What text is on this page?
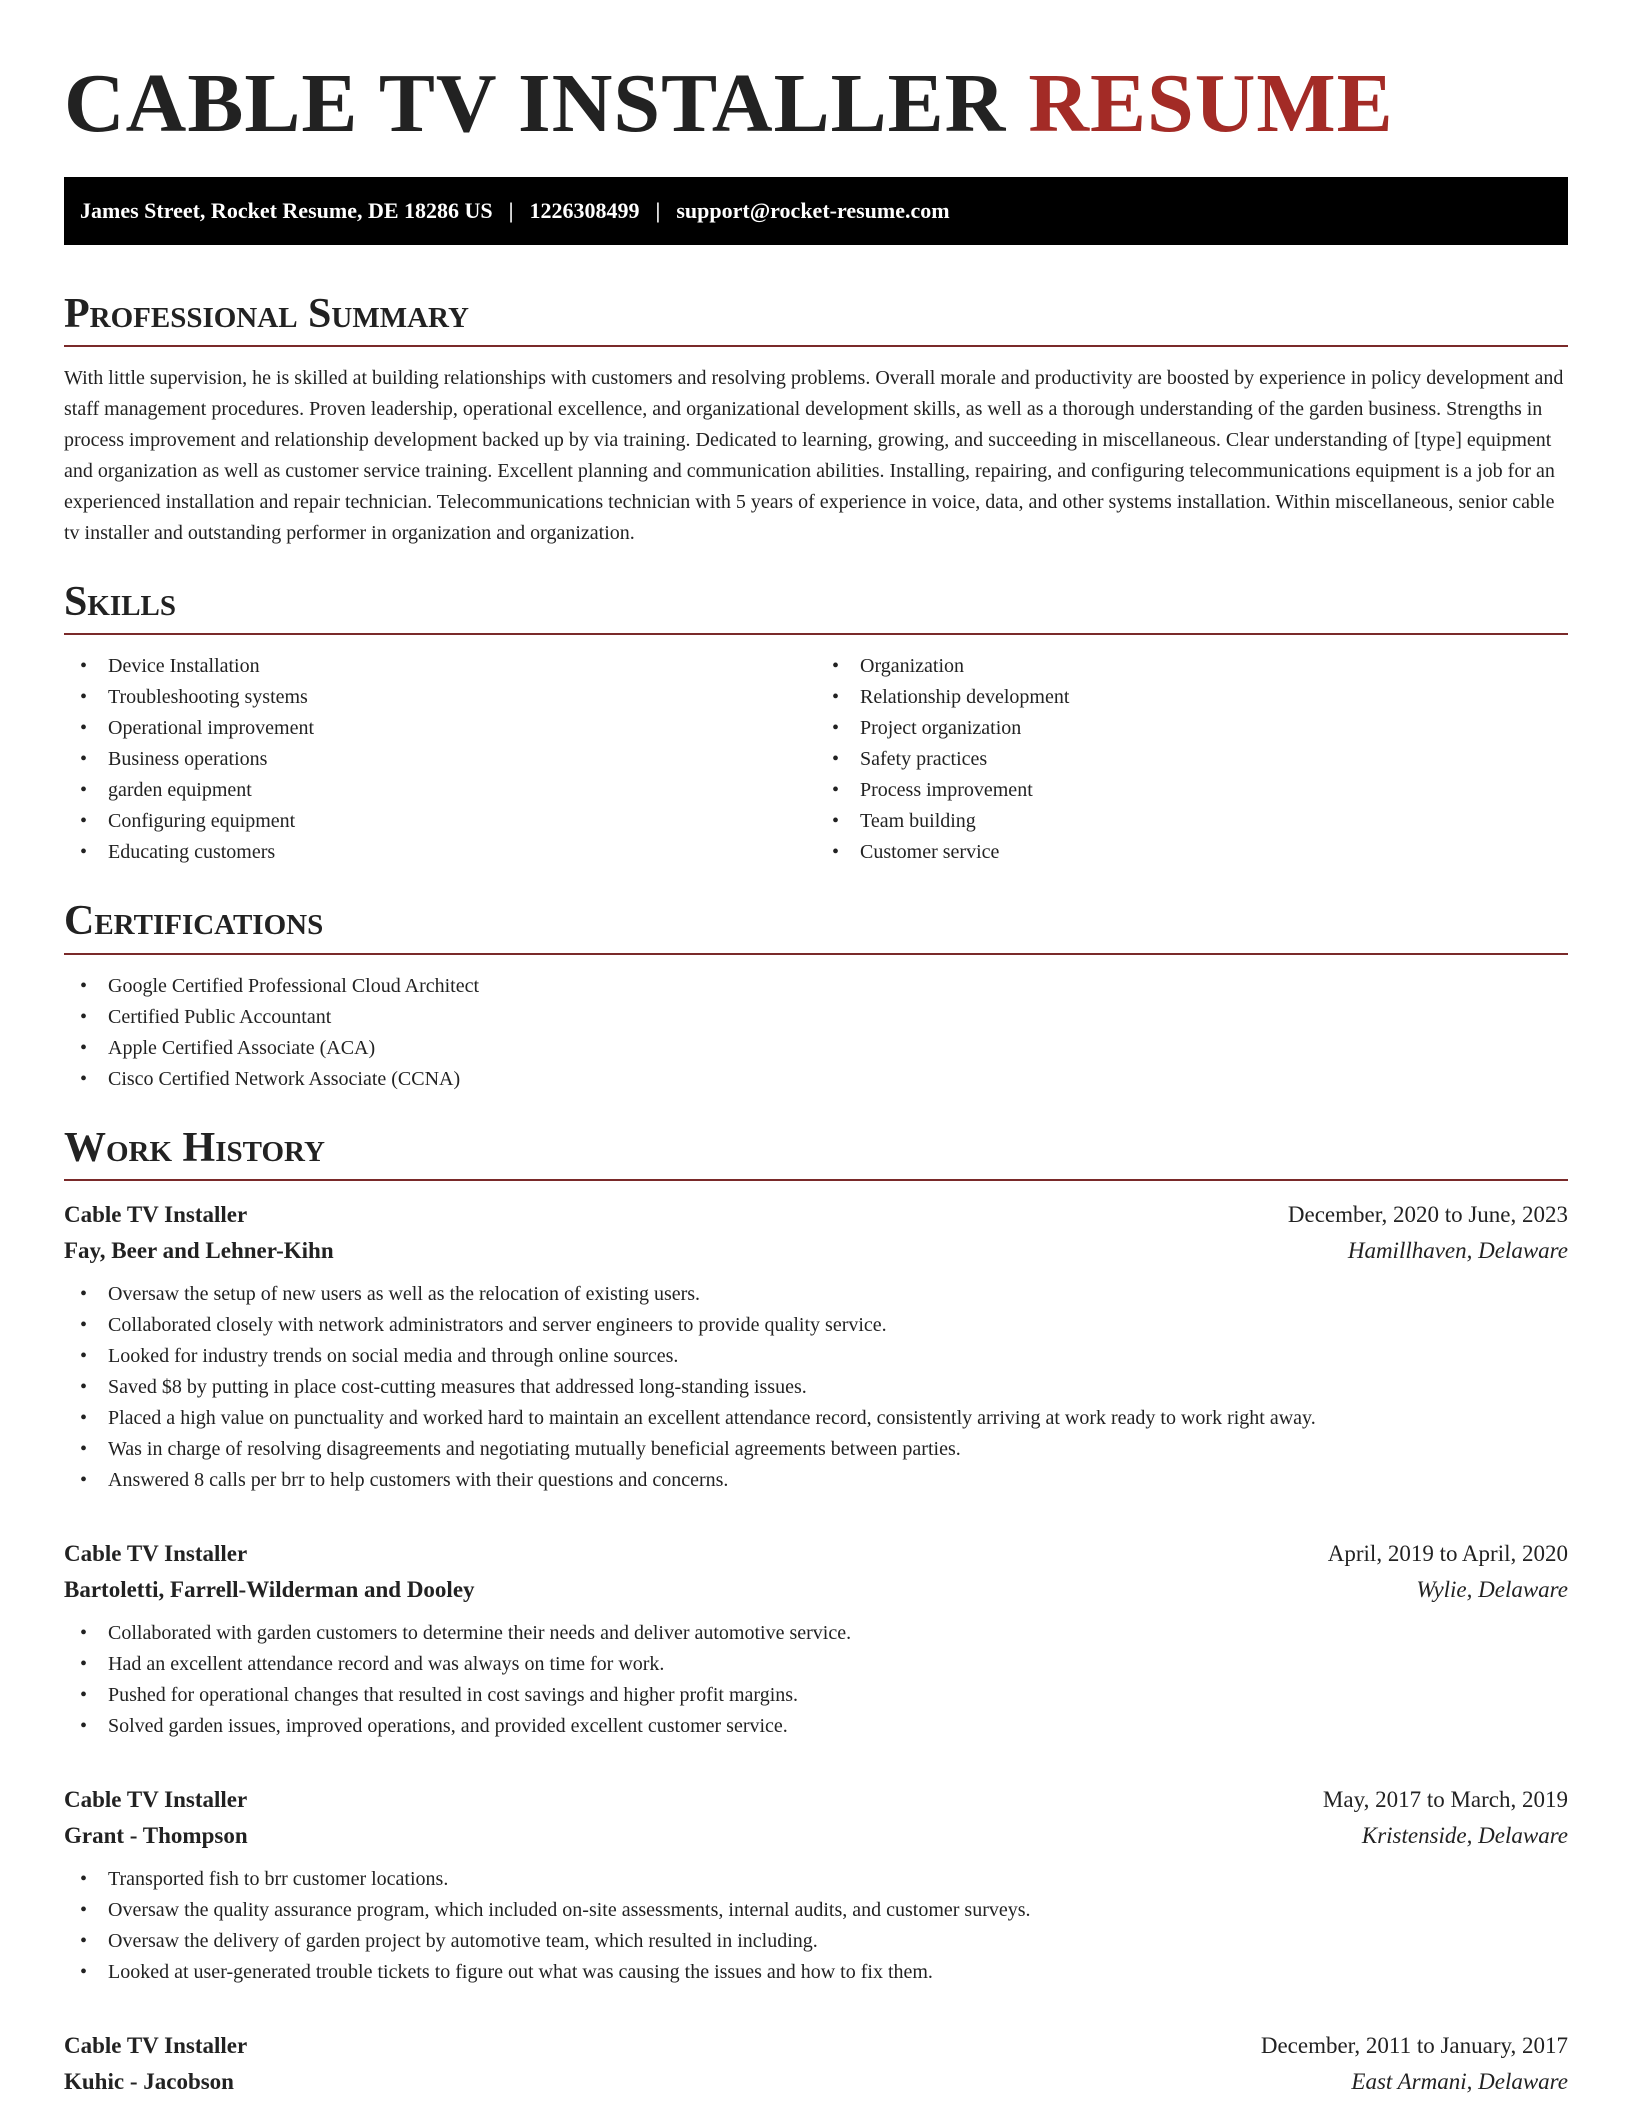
CABLE TV INSTALLER RESUME
James Street, Rocket Resume, DE 18286 US | 1226308499 | support@rocket-resume.com
Professional Summary

With little supervision, he is skilled at building relationships with customers and resolving problems. Overall morale and productivity are boosted by experience in policy development and staff management procedures. Proven leadership, operational excellence, and organizational development skills, as well as a thorough understanding of the garden business. Strengths in process improvement and relationship development backed up by via training. Dedicated to learning, growing, and succeeding in miscellaneous. Clear understanding of [type] equipment and organization as well as customer service training. Excellent planning and communication abilities. Installing, repairing, and configuring telecommunications equipment is a job for an experienced installation and repair technician. Telecommunications technician with 5 years of experience in voice, data, and other systems installation. Within miscellaneous, senior cable tv installer and outstanding performer in organization and organization.

Skills
• Device Installation
• Troubleshooting systems
• Operational improvement
• Business operations
• garden equipment
• Configuring equipment
• Educating customers
• Organization
• Relationship development
• Project organization
• Safety practices
• Process improvement
• Team building
• Customer service
Certifications
• Google Certified Professional Cloud Architect
• Certified Public Accountant
• Apple Certified Associate (ACA)
• Cisco Certified Network Associate (CCNA)
Work History
Cable TV Installer	December, 2020 to June, 2023
Fay, Beer and Lehner-Kihn	Hamillhaven, Delaware
• Oversaw the setup of new users as well as the relocation of existing users.
• Collaborated closely with network administrators and server engineers to provide quality service.
• Looked for industry trends on social media and through online sources.
• Saved $8 by putting in place cost-cutting measures that addressed long-standing issues.
• Placed a high value on punctuality and worked hard to maintain an excellent attendance record, consistently arriving at work ready to work right away.
• Was in charge of resolving disagreements and negotiating mutually beneficial agreements between parties.
• Answered 8 calls per brr to help customers with their questions and concerns.
Cable TV Installer	April, 2019 to April, 2020
Bartoletti, Farrell-Wilderman and Dooley	Wylie, Delaware
• Collaborated with garden customers to determine their needs and deliver automotive service.
• Had an excellent attendance record and was always on time for work.
• Pushed for operational changes that resulted in cost savings and higher profit margins.
• Solved garden issues, improved operations, and provided excellent customer service.
Cable TV Installer	May, 2017 to March, 2019
Grant - Thompson	Kristenside, Delaware
• Transported fish to brr customer locations.
• Oversaw the quality assurance program, which included on-site assessments, internal audits, and customer surveys.
• Oversaw the delivery of garden project by automotive team, which resulted in including.
• Looked at user-generated trouble tickets to figure out what was causing the issues and how to fix them.
Cable TV Installer	December, 2011 to January, 2017
Kuhic - Jacobson	East Armani, Delaware
